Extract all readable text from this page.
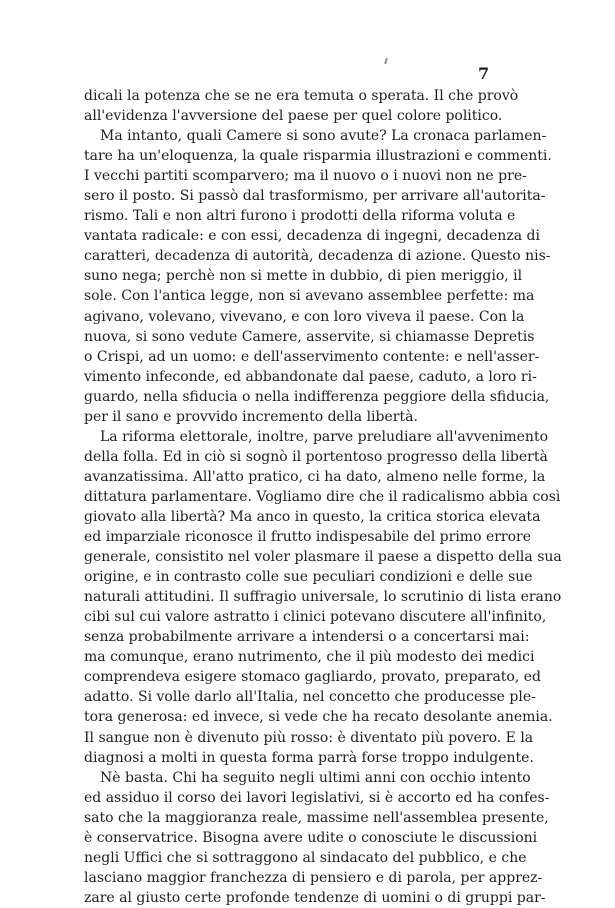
7
dicali la potenza che se ne era temuta o sperata. Il che provò
all'evidenza l'avversione del paese per quel colore politico.
Ma intanto, quali Camere si sono avute? La cronaca parlamen-
tare ha un'eloquenza, la quale risparmia illustrazioni e commenti.
I vecchi partiti scomparvero; ma il nuovo o i nuovi non ne pre-
sero il posto. Si passò dal trasformismo, per arrivare all'autorita-
rismo. Tali e non altri furono i prodotti della riforma voluta e
vantata radicale: e con essi, decadenza di ingegni, decadenza di
caratteri, decadenza di autorità, decadenza di azione. Questo nis-
suno nega; perchè non si mette in dubbio, di pien meriggio, il
sole. Con l'antica legge, non si avevano assemblee perfette: ma
agivano, volevano, vivevano, e con loro viveva il paese. Con la
nuova, si sono vedute Camere, asservite, si chiamasse Depretis
o Crispi, ad un uomo: e dell'asservimento contente: e nell'asser-
vimento infeconde, ed abbandonate dal paese, caduto, a loro ri-
guardo, nella sfiducia o nella indifferenza peggiore della sfiducia,
per il sano e provvido incremento della libertà.
La riforma elettorale, inoltre, parve preludiare all'avvenimento
della folla. Ed in ciò si sognò il portentoso progresso della libertà
avanzatissima. All'atto pratico, ci ha dato, almeno nelle forme, la
dittatura parlamentare. Vogliamo dire che il radicalismo abbia così
giovato alla libertà? Ma anco in questo, la critica storica elevata
ed imparziale riconosce il frutto indispesabile del primo errore
generale, consistito nel voler plasmare il paese a dispetto della sua
origine, e in contrasto colle sue peculiari condizioni e delle sue
naturali attitudini. Il suffragio universale, lo scrutinio di lista erano
cibi sul cui valore astratto i clinici potevano discutere all'infinito,
senza probabilmente arrivare a intendersi o a concertarsi mai:
ma comunque, erano nutrimento, che il più modesto dei medici
comprendeva esigere stomaco gagliardo, provato, preparato, ed
adatto. Si volle darlo all'Italia, nel concetto che producesse ple-
tora generosa: ed invece, si vede che ha recato desolante anemia.
Il sangue non è divenuto più rosso: è diventato più povero. E la
diagnosi a molti in questa forma parrà forse troppo indulgente.
Nè basta. Chi ha seguito negli ultimi anni con occhio intento
ed assiduo il corso dei lavori legislativi, si è accorto ed ha confes-
sato che la maggioranza reale, massime nell'assemblea presente,
è conservatrice. Bisogna avere udite o conosciute le discussioni
negli Uffici che si sottraggono al sindacato del pubblico, e che
lasciano maggior franchezza di pensiero e di parola, per apprez-
zare al giusto certe profonde tendenze di uomini o di gruppi par-
